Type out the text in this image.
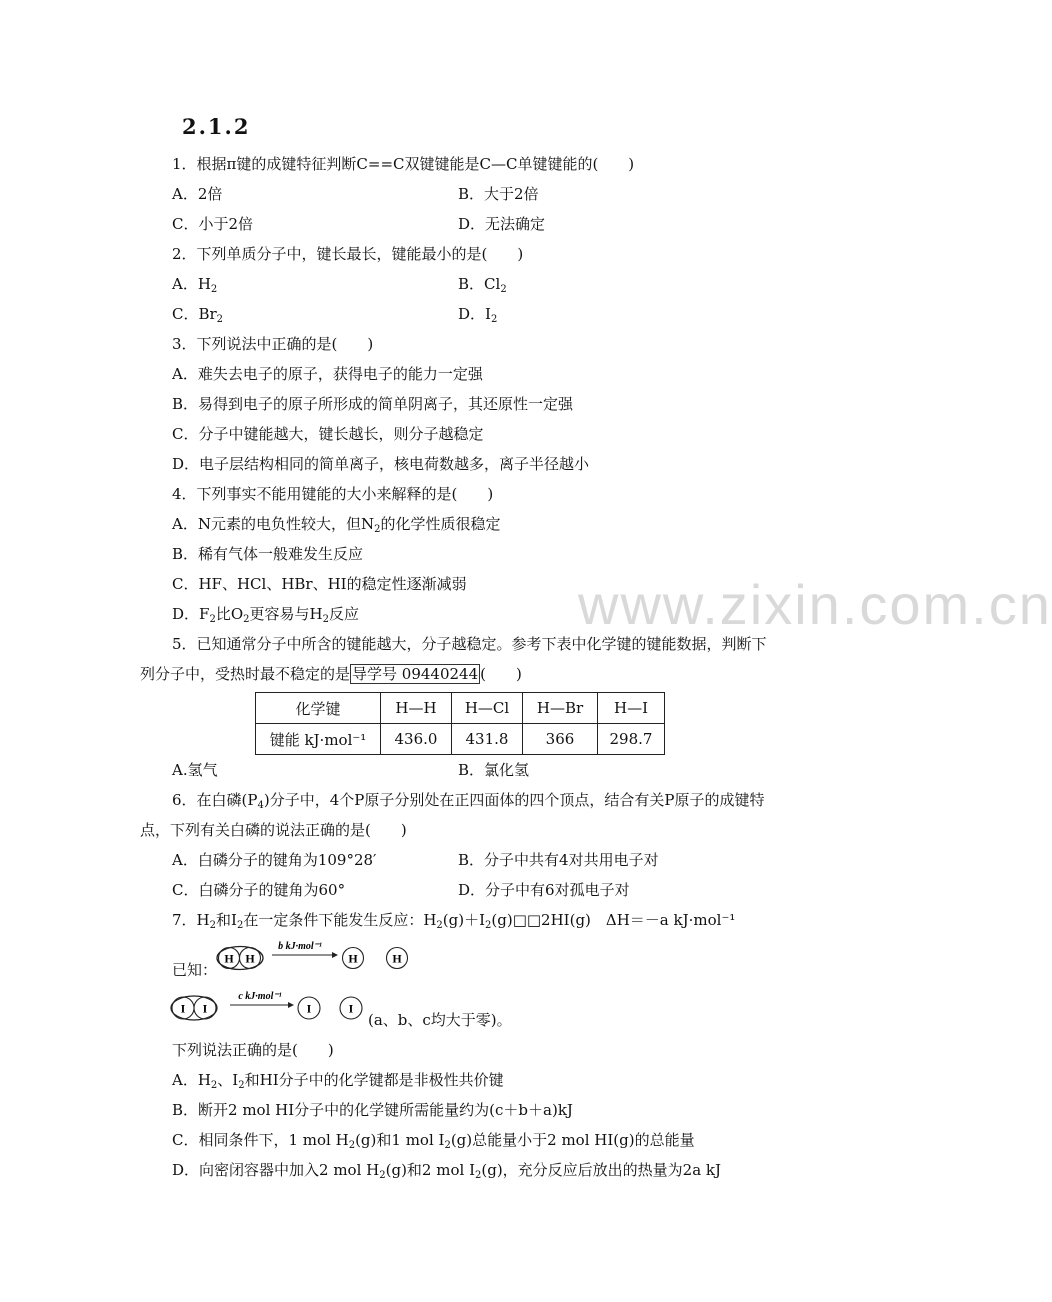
www.zixin.com.cn
2.1.2
1．根据π键的成键特征判断C==C双键键能是C—C单键键能的(　　)
A．2倍	B．大于2倍
C．小于2倍	D．无法确定
2．下列单质分子中，键长最长，键能最小的是(　　)
A．$H_2$	B．$Cl_2$
C．$Br_2$	D．$I_2$
3．下列说法中正确的是(　　)
A．难失去电子的原子，获得电子的能力一定强
B．易得到电子的原子所形成的简单阴离子，其还原性一定强
C．分子中键能越大，键长越长，则分子越稳定
D．电子层结构相同的简单离子，核电荷数越多，离子半径越小
4．下列事实不能用键能的大小来解释的是(　　)
A．N元素的电负性较大，但$N_2$的化学性质很稳定
B．稀有气体一般难发生反应
C．HF、HCl、HBr、HI的稳定性逐渐减弱
D．$F_2$比$O_2$更容易与$H_2$反应
5．已知通常分子中所含的键能越大，分子越稳定。参考下表中化学键的键能数据，判断下
列分子中，受热时最不稳定的是 导学号 09440244 (　　)
化学键	H—H	H—Cl	H—Br	H—I
键能 kJ·mol⁻¹	436.0	431.8	366	298.7
A.氢气	B．氯化氢
6．在白磷$(P_4)$分子中，4个P原子分别处在正四面体的四个顶点，结合有关P原子的成键特
点，下列有关白磷的说法正确的是(　　)
A．白磷分子的键角为109°28′	B．分子中共有4对共用电子对
C．白磷分子的键角为60°	D．分子中有6对孤电子对
7．$H_2$和$I_2$在一定条件下能发生反应：$H_2(g)+I_2(g)□□2HI(g)$　ΔH＝－a kJ·mol⁻¹
已知：
H H
b kJ·mol⁻¹
H	H
I I
c kJ·mol⁻¹
I	I
(a、b、c均大于零)。
下列说法正确的是(　　)
A．$H_2$、$I_2$和HI分子中的化学键都是非极性共价键
B．断开2 mol HI分子中的化学键所需能量约为(c＋b＋a)kJ
C．相同条件下，1 mol $H_2(g)$和1 mol $I_2(g)$总能量小于2 mol HI(g)的总能量
D．向密闭容器中加入2 mol $H_2(g)$和2 mol $I_2(g)$，充分反应后放出的热量为2a kJ
